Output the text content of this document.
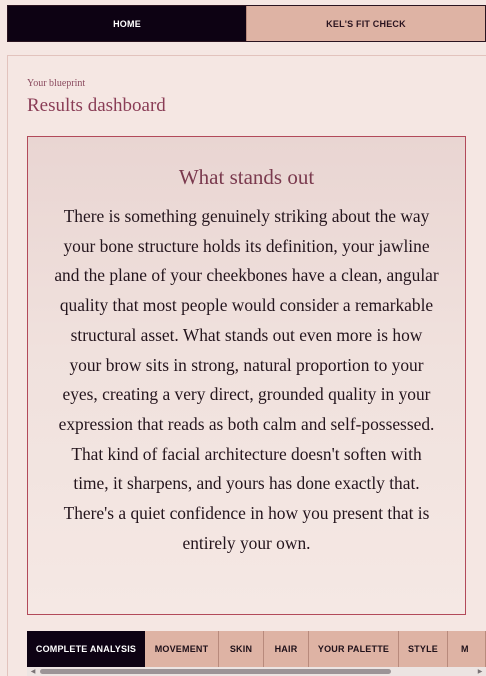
HOME	KEL'S FIT CHECK
Your blueprint
Results dashboard
What stands out
There is something genuinely striking about the way your bone structure holds its definition, your jawline and the plane of your cheekbones have a clean, angular quality that most people would consider a remarkable structural asset. What stands out even more is how your brow sits in strong, natural proportion to your eyes, creating a very direct, grounded quality in your expression that reads as both calm and self-possessed. That kind of facial architecture doesn't soften with time, it sharpens, and yours has done exactly that. There's a quiet confidence in how you present that is entirely your own.
COMPLETE ANALYSIS MOVEMENT SKIN HAIR YOUR PALETTE STYLE	M
◀	▶
